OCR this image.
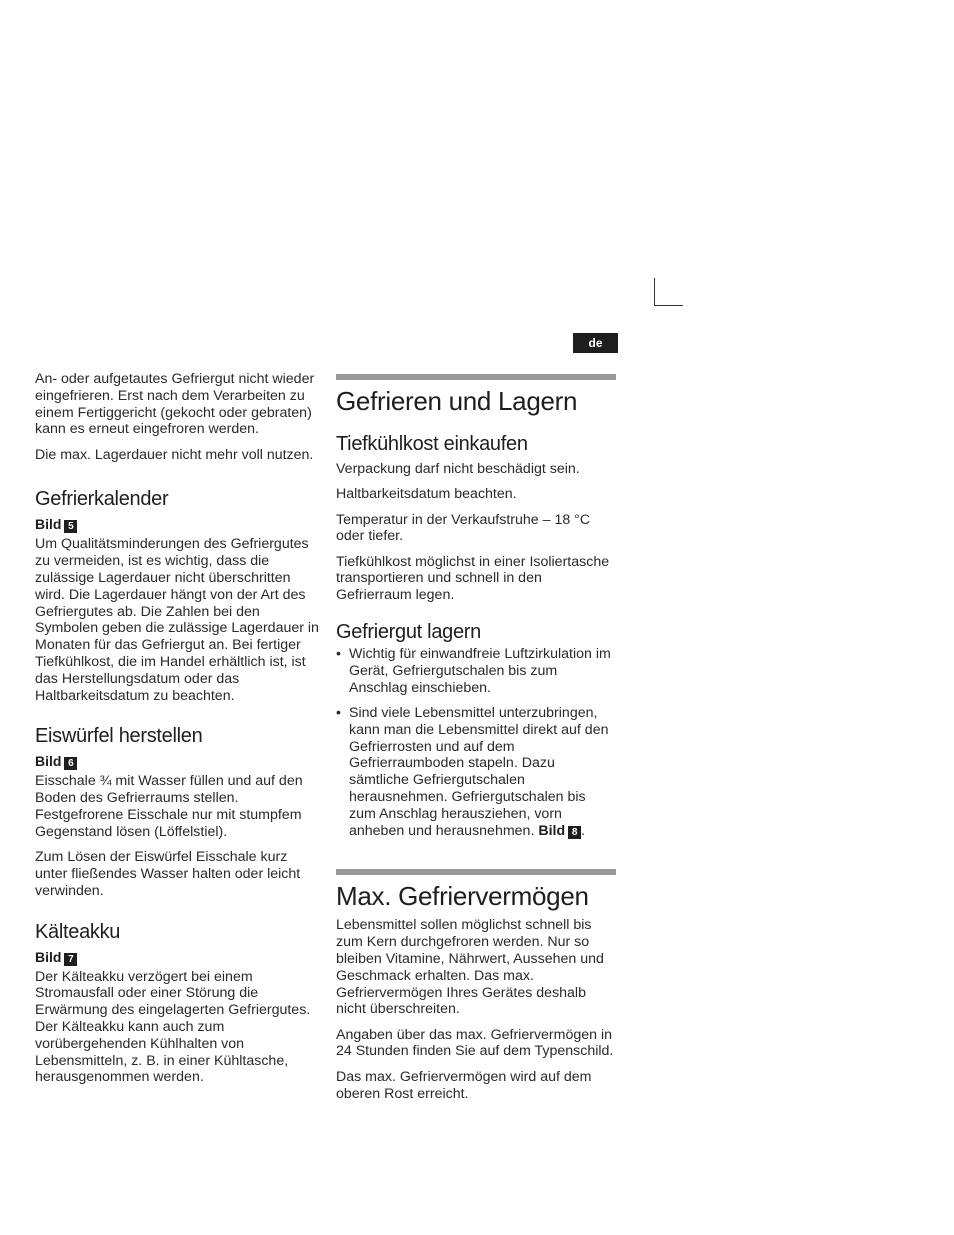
de

An- oder aufgetautes Gefriergut nicht wieder eingefrieren. Erst nach dem Verarbeiten zu einem Fertiggericht (gekocht oder gebraten) kann es erneut eingefroren werden.

Die max. Lagerdauer nicht mehr voll nutzen.

Gefrierkalender
Bild 5

Um Qualitätsminderungen des Gefriergutes zu vermeiden, ist es wichtig, dass die zulässige Lagerdauer nicht überschritten wird. Die Lagerdauer hängt von der Art des Gefriergutes ab. Die Zahlen bei den Symbolen geben die zulässige Lagerdauer in Monaten für das Gefriergut an. Bei fertiger Tiefkühlkost, die im Handel erhältlich ist, ist das Herstellungsdatum oder das Haltbarkeitsdatum zu beachten.

Eiswürfel herstellen
Bild 6

Eisschale ¾ mit Wasser füllen und auf den Boden des Gefrierraums stellen. Festgefrorene Eisschale nur mit stumpfem Gegenstand lösen (Löffelstiel).

Zum Lösen der Eiswürfel Eisschale kurz unter fließendes Wasser halten oder leicht verwinden.

Kälteakku
Bild 7

Der Kälteakku verzögert bei einem Stromausfall oder einer Störung die Erwärmung des eingelagerten Gefriergutes. Der Kälteakku kann auch zum vorübergehenden Kühlhalten von Lebensmitteln, z. B. in einer Kühltasche, herausgenommen werden.

Gefrieren und Lagern
Tiefkühlkost einkaufen

Verpackung darf nicht beschädigt sein.

Haltbarkeitsdatum beachten.

Temperatur in der Verkaufstruhe – 18 °C oder tiefer.

Tiefkühlkost möglichst in einer Isoliertasche transportieren und schnell in den Gefrierraum legen.

Gefriergut lagern
• Wichtig für einwandfreie Luftzirkulation im Gerät, Gefriergutschalen bis zum Anschlag einschieben.
• Sind viele Lebensmittel unterzubringen, kann man die Lebensmittel direkt auf den Gefrierrosten und auf dem Gefrierraumboden stapeln. Dazu sämtliche Gefriergutschalen herausnehmen. Gefriergutschalen bis zum Anschlag herausziehen, vorn anheben und herausnehmen. Bild 8 .
Max. Gefriervermögen

Lebensmittel sollen möglichst schnell bis zum Kern durchgefroren werden. Nur so bleiben Vitamine, Nährwert, Aussehen und Geschmack erhalten. Das max. Gefriervermögen Ihres Gerätes deshalb nicht überschreiten.

Angaben über das max. Gefriervermögen in 24 Stunden finden Sie auf dem Typenschild.

Das max. Gefriervermögen wird auf dem oberen Rost erreicht.
